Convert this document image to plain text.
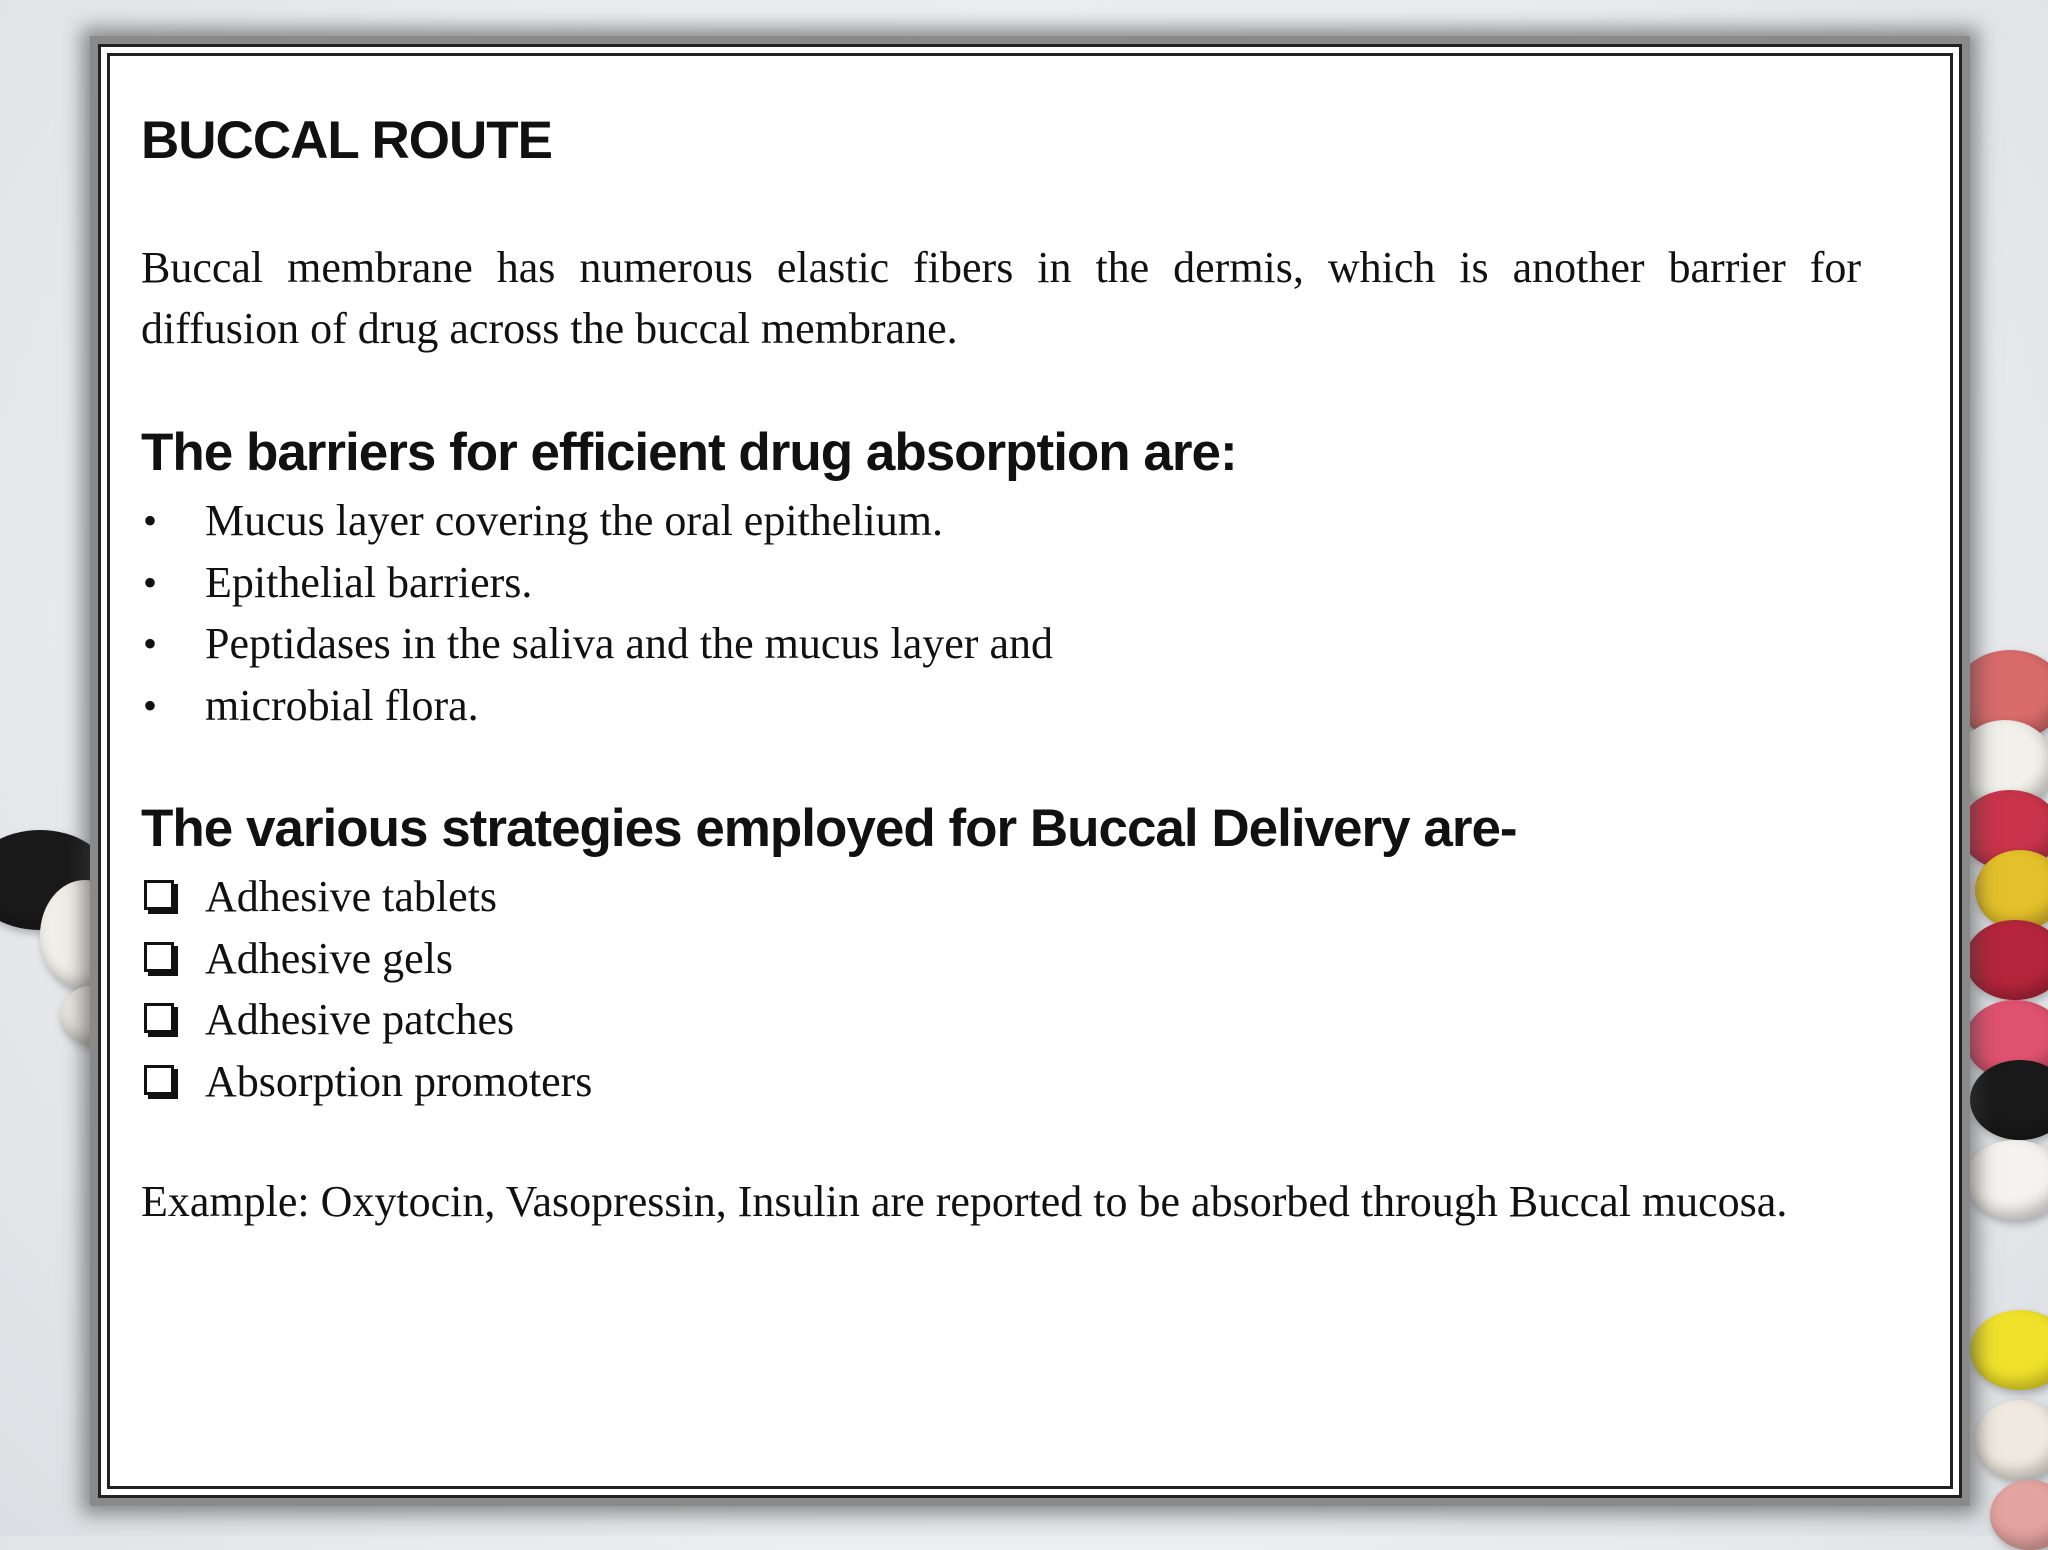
BUCCAL ROUTE

Buccal membrane has numerous elastic fibers in the dermis, which is another barrier for diffusion of drug across the buccal membrane.

The barriers for efficient drug absorption are:
• Mucus layer covering the oral epithelium.
• Epithelial barriers.
• Peptidases in the saliva and the mucus layer and
• microbial flora.
The various strategies employed for Buccal Delivery are-
Adhesive tablets
Adhesive gels
Adhesive patches
Absorption promoters

Example: Oxytocin, Vasopressin, Insulin are reported to be absorbed through Buccal mucosa.
